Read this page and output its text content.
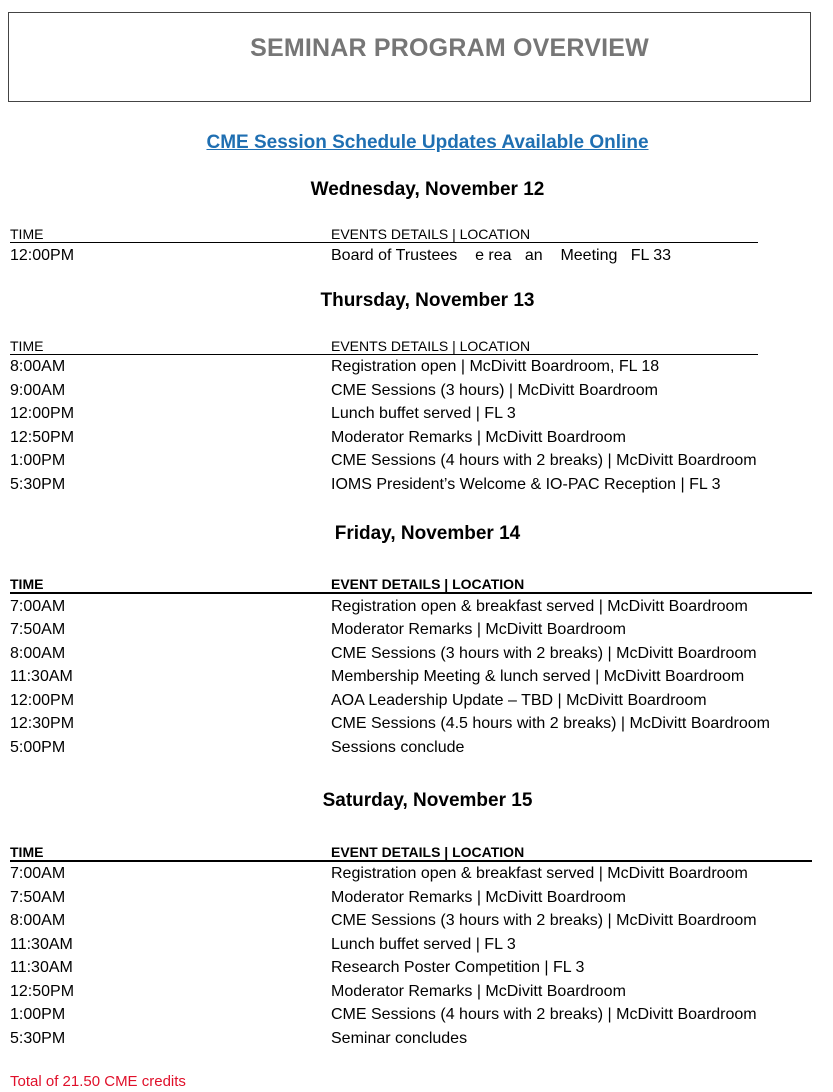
SEMINAR PROGRAM OVERVIEW
CME Session Schedule Updates Available Online
Wednesday, November 12
TIME	EVENTS DETAILS | LOCATION
12:00PM	Board of Trustees    e rea   an    Meeting   FL 33
Thursday, November 13
TIME	EVENTS DETAILS | LOCATION
8:00AM	Registration open | McDivitt Boardroom, FL 18
9:00AM	CME Sessions (3 hours) | McDivitt Boardroom
12:00PM	Lunch buffet served | FL 3
12:50PM	Moderator Remarks | McDivitt Boardroom
1:00PM	CME Sessions (4 hours with 2 breaks) | McDivitt Boardroom
5:30PM	IOMS President’s Welcome & IO-PAC Reception | FL 3
Friday, November 14
TIME	EVENT DETAILS | LOCATION
7:00AM	Registration open & breakfast served | McDivitt Boardroom
7:50AM	Moderator Remarks | McDivitt Boardroom
8:00AM	CME Sessions (3 hours with 2 breaks) | McDivitt Boardroom
11:30AM	Membership Meeting & lunch served | McDivitt Boardroom
12:00PM	AOA Leadership Update – TBD | McDivitt Boardroom
12:30PM	CME Sessions (4.5 hours with 2 breaks) | McDivitt Boardroom
5:00PM	Sessions conclude
Saturday, November 15
TIME	EVENT DETAILS | LOCATION
7:00AM	Registration open & breakfast served | McDivitt Boardroom
7:50AM	Moderator Remarks | McDivitt Boardroom
8:00AM	CME Sessions (3 hours with 2 breaks) | McDivitt Boardroom
11:30AM	Lunch buffet served | FL 3
11:30AM	Research Poster Competition | FL 3
12:50PM	Moderator Remarks | McDivitt Boardroom
1:00PM	CME Sessions (4 hours with 2 breaks) | McDivitt Boardroom
5:30PM	Seminar concludes
Total of 21.50 CME credits
